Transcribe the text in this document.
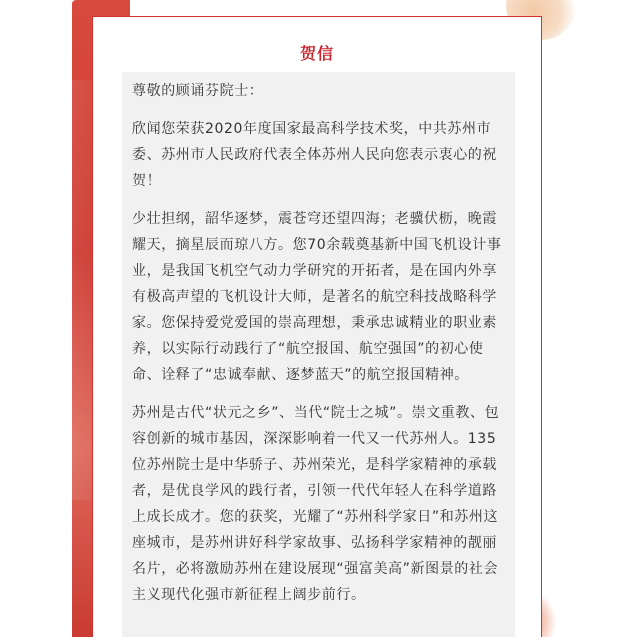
贺信

尊敬的顾诵芬院士：

欣闻您荣获2020年度国家最高科学技术奖，中共苏州市委、苏州市人民政府代表全体苏州人民向您表示衷心的祝贺！

少壮担纲，韶华逐梦，震苍穹还望四海；老骥伏枥，晚霞耀天，摘星辰而琼八方。您70余载奠基新中国飞机设计事业，是我国飞机空气动力学研究的开拓者，是在国内外享有极高声望的飞机设计大师，是著名的航空科技战略科学家。您保持爱党爱国的崇高理想，秉承忠诚精业的职业素养，以实际行动践行了“航空报国、航空强国”的初心使命、诠释了“忠诚奉献、逐梦蓝天”的航空报国精神。

苏州是古代“状元之乡”、当代“院士之城”。崇文重教、包容创新的城市基因，深深影响着一代又一代苏州人。135位苏州院士是中华骄子、苏州荣光，是科学家精神的承载者，是优良学风的践行者，引领一代代年轻人在科学道路上成长成才。您的获奖，光耀了“苏州科学家日”和苏州这座城市，是苏州讲好科学家故事、弘扬科学家精神的靓丽名片，必将激励苏州在建设展现“强富美高”新图景的社会主义现代化强市新征程上阔步前行。
